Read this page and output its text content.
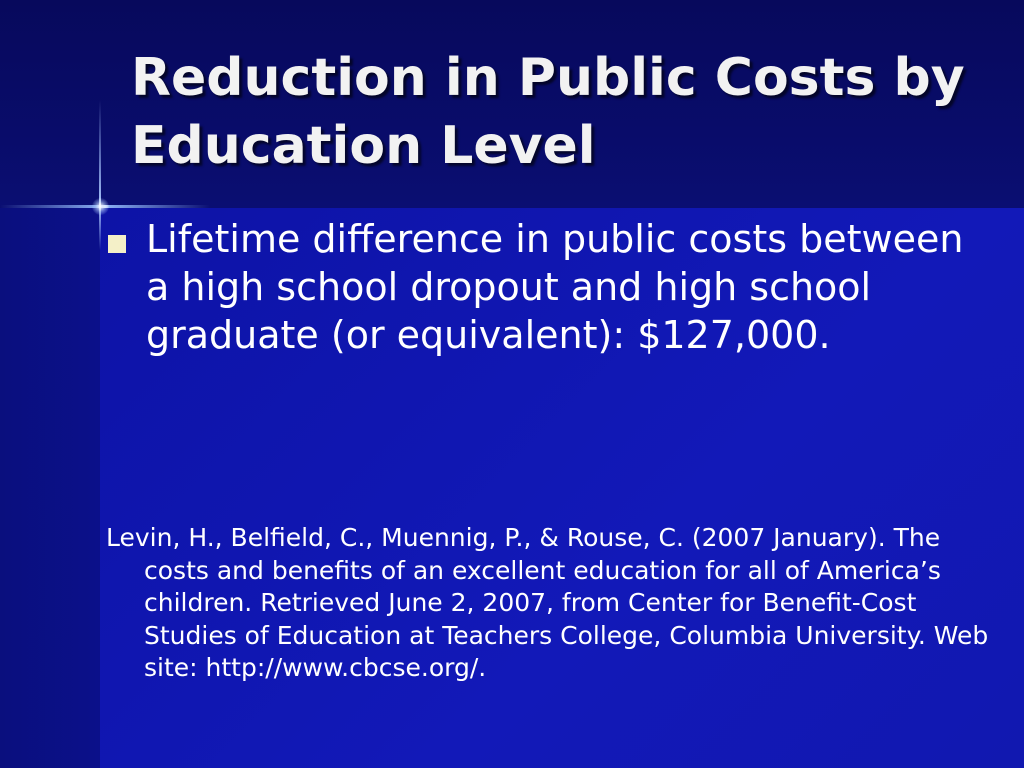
Reduction in Public Costs by Education Level
Lifetime difference in public costs between a high school dropout and high school graduate (or equivalent): $127,000.
Levin, H., Belfield, C., Muennig, P., & Rouse, C. (2007 January). The costs and benefits of an excellent education for all of America’s children. Retrieved June 2, 2007, from Center for Benefit-Cost Studies of Education at Teachers College, Columbia University. Web site: http://www.cbcse.org/.
